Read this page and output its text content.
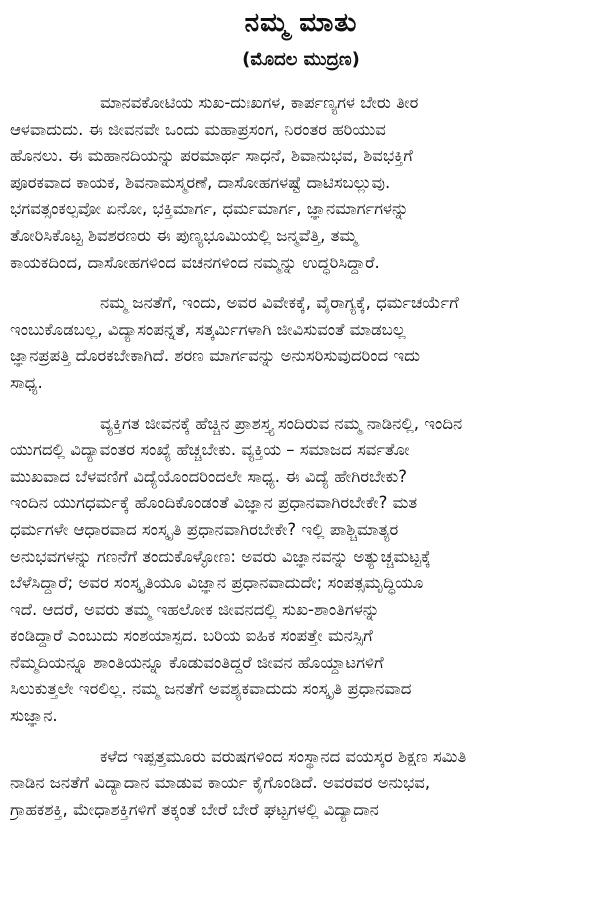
ನಮ್ಮ ಮಾತು
(ಮೊದಲ ಮುದ್ರಣ)
ಮಾನವಕೋಟಿಯ ಸುಖ-ದುಃಖಗಳ, ಕಾರ್ಪಣ್ಯಗಳ ಬೇರು ತೀರ
ಆಳವಾದುದು. ಈ ಜೀವನವೇ ಒಂದು ಮಹಾಪ್ರಸಂಗ, ನಿರಂತರ ಹರಿಯುವ
ಹೊನಲು. ಈ ಮಹಾನದಿಯನ್ನು ಪರಮಾರ್ಥ ಸಾಧನೆ, ಶಿವಾನುಭವ, ಶಿವಭಕ್ತಿಗೆ
ಪೂರಕವಾದ ಕಾಯಕ, ಶಿವನಾಮಸ್ಮರಣೆ, ದಾಸೋಹಗಳಷ್ಟೆ ದಾಟಿಸಬಲ್ಲುವು.
ಭಗವತ್ಸಂಕಲ್ಪವೋ ಏನೋ, ಭಕ್ತಿಮಾರ್ಗ, ಧರ್ಮಮಾರ್ಗ, ಜ್ಞಾನಮಾರ್ಗಗಳನ್ನು
ತೋರಿಸಿಕೊಟ್ಟ ಶಿವಶರಣರು ಈ ಪುಣ್ಯಭೂಮಿಯಲ್ಲಿ ಜನ್ಮವೆತ್ತಿ, ತಮ್ಮ
ಕಾಯಕದಿಂದ, ದಾಸೋಹಗಳಿಂದ ವಚನಗಳಿಂದ ನಮ್ಮನ್ನು ಉದ್ಧರಿಸಿದ್ದಾರೆ.
ನಮ್ಮ ಜನತೆಗೆ, ಇಂದು, ಅವರ ವಿವೇಕಕ್ಕೆ, ವೈರಾಗ್ಯಕ್ಕೆ, ಧರ್ಮಚರ್ಯೆಗೆ
ಇಂಬುಕೊಡಬಲ್ಲ, ವಿದ್ಯಾಸಂಪನ್ನತೆ, ಸತ್ಕರ್ಮಿಗಳಾಗಿ ಜೀವಿಸುವಂತೆ ಮಾಡಬಲ್ಲ
ಜ್ಞಾನಪ್ರಪತ್ತಿ ದೊರಕಬೇಕಾಗಿದೆ. ಶರಣ ಮಾರ್ಗವನ್ನು ಅನುಸರಿಸುವುದರಿಂದ ಇದು
ಸಾಧ್ಯ.
ವ್ಯಕ್ತಿಗತ ಜೀವನಕ್ಕೆ ಹೆಚ್ಚಿನ ಪ್ರಾಶಸ್ತ್ಯ ಸಂದಿರುವ ನಮ್ಮ ನಾಡಿನಲ್ಲಿ, ಇಂದಿನ
ಯುಗದಲ್ಲಿ ವಿದ್ಯಾವಂತರ ಸಂಖ್ಯೆ ಹೆಚ್ಚಬೇಕು. ವ್ಯಕ್ತಿಯ – ಸಮಾಜದ ಸರ್ವತೋ
ಮುಖವಾದ ಬೆಳವಣಿಗೆ ವಿದ್ಯೆಯೊಂದರಿಂದಲೇ ಸಾಧ್ಯ. ಈ ವಿದ್ಯೆ ಹೇಗಿರಬೇಕು?
ಇಂದಿನ ಯುಗಧರ್ಮಕ್ಕೆ ಹೊಂದಿಕೊಂಡಂತೆ ವಿಜ್ಞಾನ ಪ್ರಧಾನವಾಗಿರಬೇಕೇ? ಮತ
ಧರ್ಮಗಳೇ ಆಧಾರವಾದ ಸಂಸ್ಕೃತಿ ಪ್ರಧಾನವಾಗಿರಬೇಕೇ? ಇಲ್ಲಿ ಪಾಶ್ಚಿಮಾತ್ಯರ
ಅನುಭವಗಳನ್ನು ಗಣನೆಗೆ ತಂದುಕೊಳ್ಳೋಣ: ಅವರು ವಿಜ್ಞಾನವನ್ನು ಅತ್ಯುಚ್ಚಮಟ್ಟಕ್ಕೆ
ಬೆಳೆಸಿದ್ದಾರೆ; ಅವರ ಸಂಸ್ಕೃತಿಯೂ ವಿಜ್ಞಾನ ಪ್ರಧಾನವಾದುದೇ; ಸಂಪತ್ಸಮೃದ್ಧಿಯೂ
ಇದೆ. ಆದರೆ, ಅವರು ತಮ್ಮ ಇಹಲೋಕ ಜೀವನದಲ್ಲಿ ಸುಖ-ಶಾಂತಿಗಳನ್ನು
ಕಂಡಿದ್ದಾರೆ ಎಂಬುದು ಸಂಶಯಾಸ್ಪದ. ಬರಿಯ ಐಹಿಕ ಸಂಪತ್ತೇ ಮನಸ್ಸಿಗೆ
ನೆಮ್ಮದಿಯನ್ನೂ ಶಾಂತಿಯನ್ನೂ ಕೊಡುವಂತಿದ್ದರೆ ಜೀವನ ಹೊಯ್ದಾಟಗಳಿಗೆ
ಸಿಲುಕುತ್ತಲೇ ಇರಲಿಲ್ಲ. ನಮ್ಮ ಜನತೆಗೆ ಅವಶ್ಯಕವಾದುದು ಸಂಸ್ಕೃತಿ ಪ್ರಧಾನವಾದ
ಸುಜ್ಞಾನ.
ಕಳೆದ ಇಪ್ಪತ್ತಮೂರು ವರುಷಗಳಿಂದ ಸಂಸ್ಥಾನದ ವಯಸ್ಕರ ಶಿಕ್ಷಣ ಸಮಿತಿ
ನಾಡಿನ ಜನತೆಗೆ ವಿದ್ಯಾದಾನ ಮಾಡುವ ಕಾರ್ಯ ಕೈಗೊಂಡಿದೆ. ಅವರವರ ಅನುಭವ,
ಗ್ರಾಹಕಶಕ್ತಿ, ಮೇಧಾಶಕ್ತಿಗಳಿಗೆ ತಕ್ಕಂತೆ ಬೇರೆ ಬೇರೆ ಘಟ್ಟಗಳಲ್ಲಿ ವಿದ್ಯಾದಾನ
